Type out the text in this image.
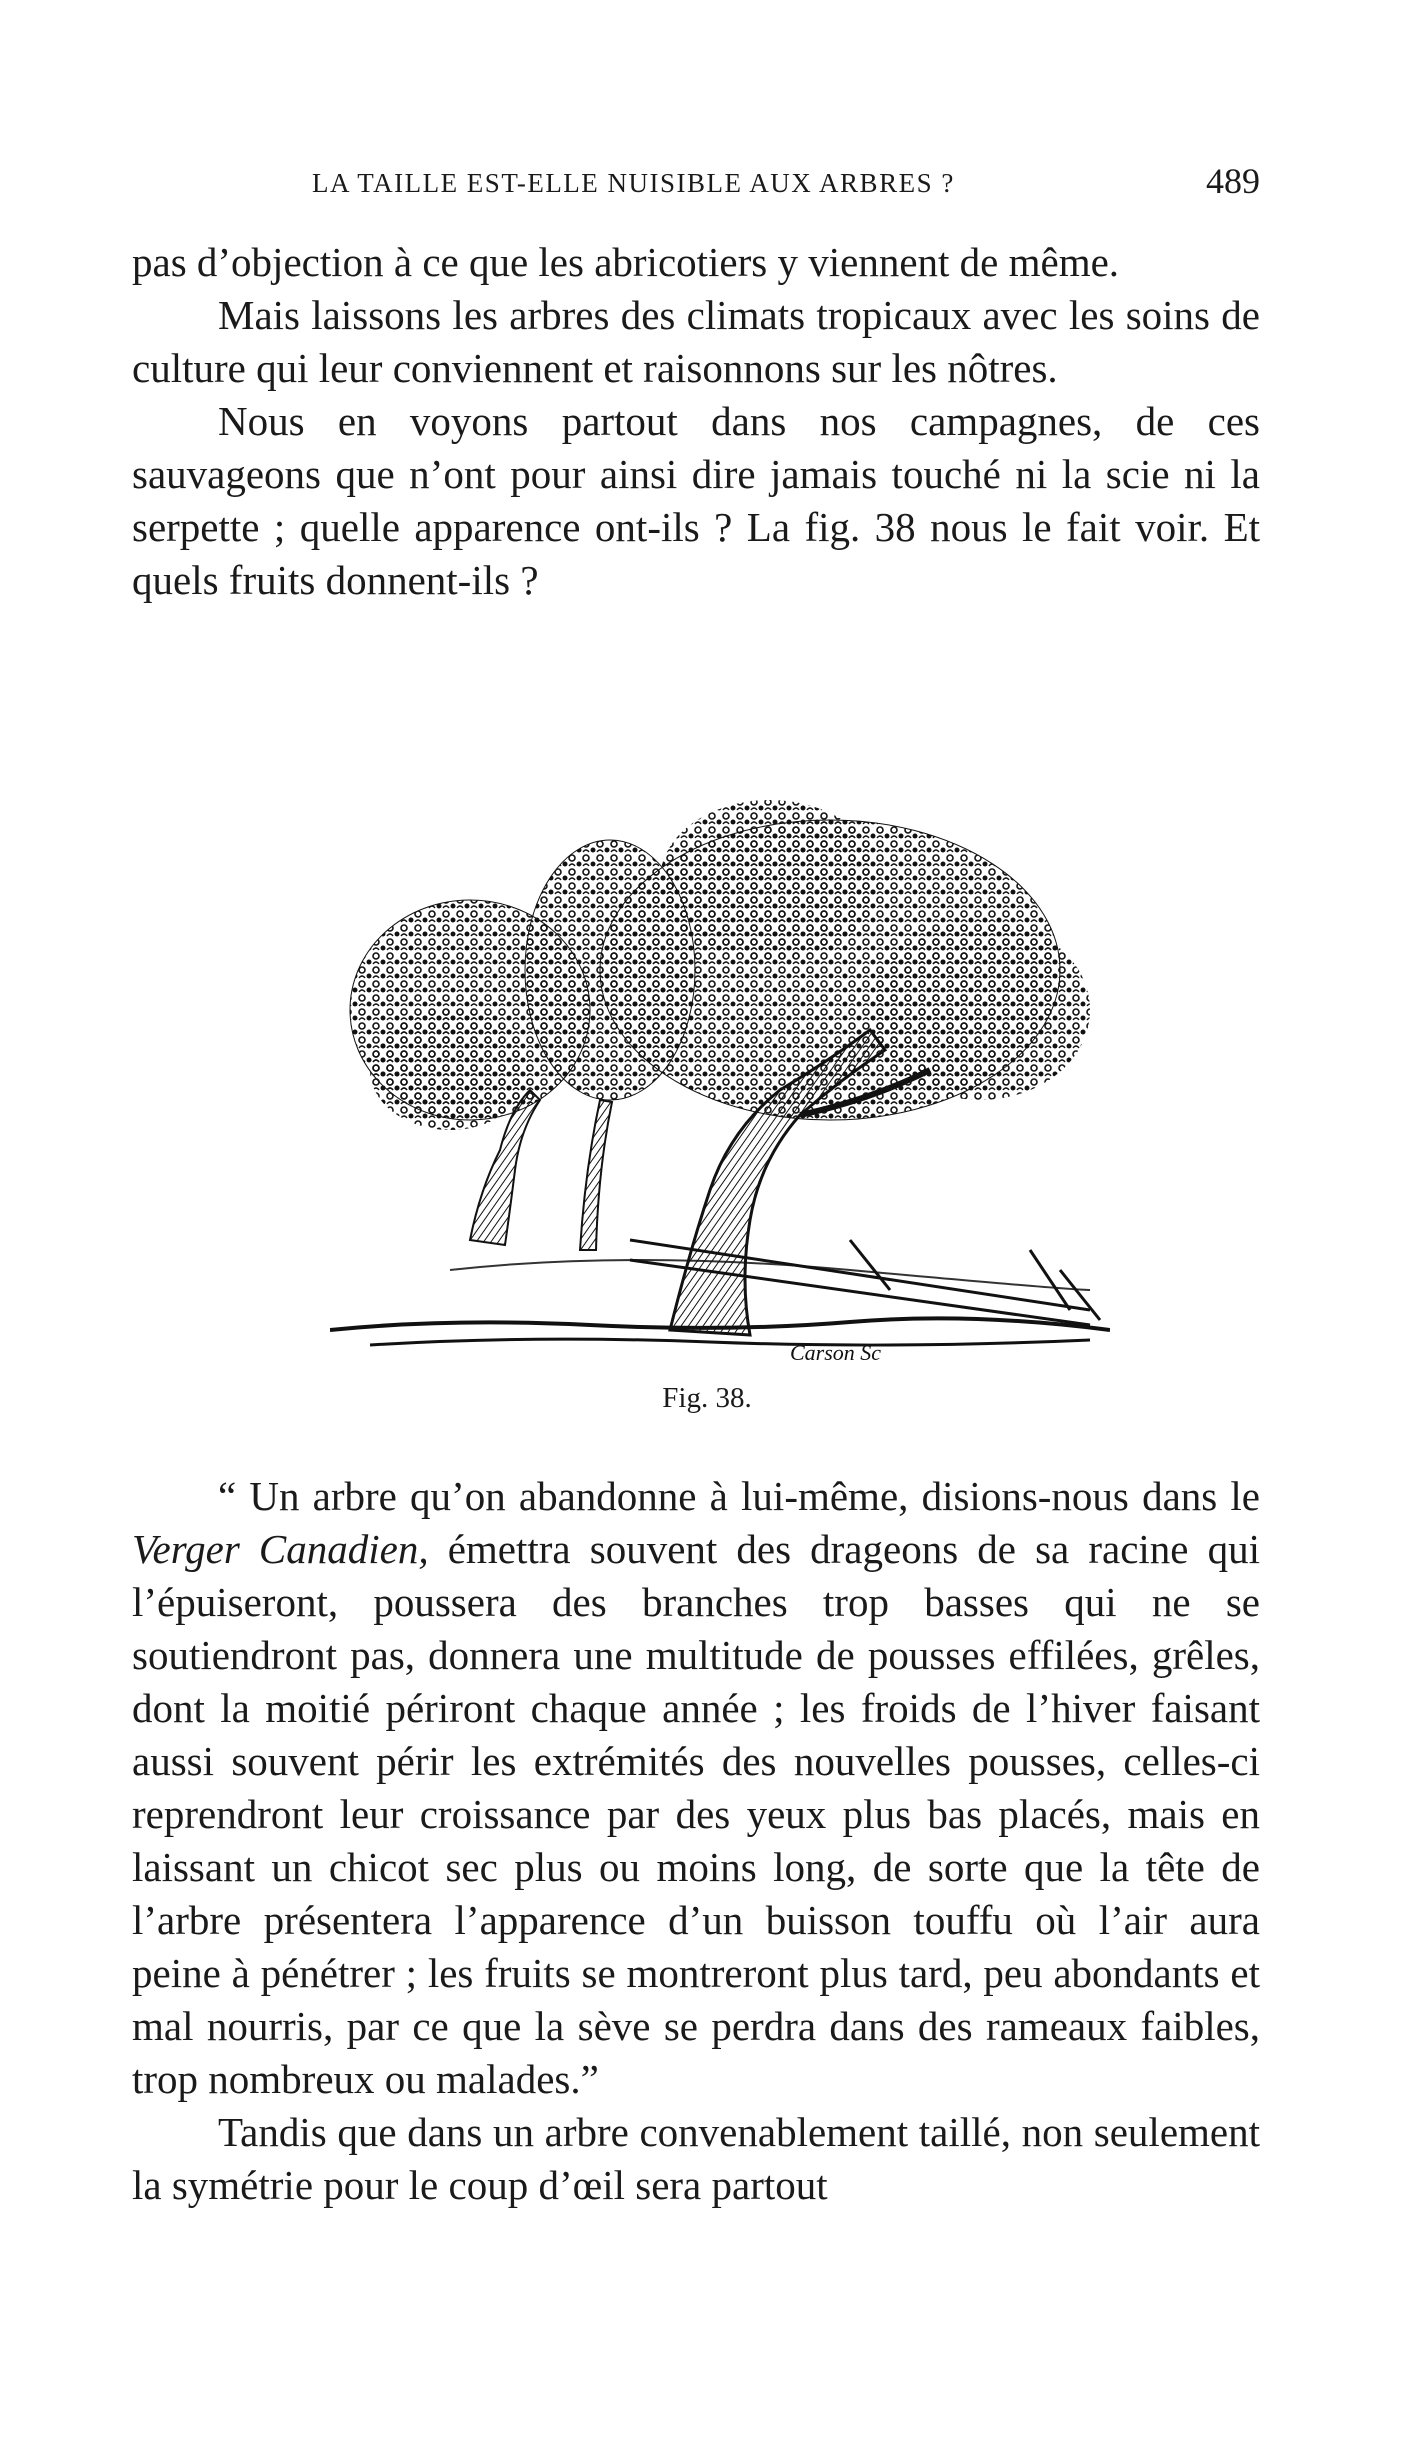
LA TAILLE EST-ELLE NUISIBLE AUX ARBRES ?	489

pas d’objection à ce que les abricotiers y viennent de même.

Mais laissons les arbres des climats tropicaux avec les soins de culture qui leur conviennent et raisonnons sur les nôtres.

Nous en voyons partout dans nos campagnes, de ces sauvageons que n’ont pour ainsi dire jamais touché ni la scie ni la serpette ; quelle apparence ont-ils ? La fig. 38 nous le fait voir. Et quels fruits donnent-ils ?

Carson Sc
Fig. 38.

“ Un arbre qu’on abandonne à lui-même, disions-nous dans le Verger Canadien, émettra souvent des drageons de sa racine qui l’épuiseront, poussera des branches trop basses qui ne se soutiendront pas, donnera une multitude de pousses effilées, grêles, dont la moitié périront chaque année ; les froids de l’hiver faisant aussi souvent périr les extrémités des nouvelles pousses, celles-ci reprendront leur croissance par des yeux plus bas placés, mais en laissant un chicot sec plus ou moins long, de sorte que la tête de l’arbre présentera l’apparence d’un buisson touffu où l’air aura peine à pénétrer ; les fruits se montreront plus tard, peu abondants et mal nourris, par ce que la sève se perdra dans des rameaux faibles, trop nombreux ou malades.”

Tandis que dans un arbre convenablement taillé, non seulement la symétrie pour le coup d’œil sera partout
